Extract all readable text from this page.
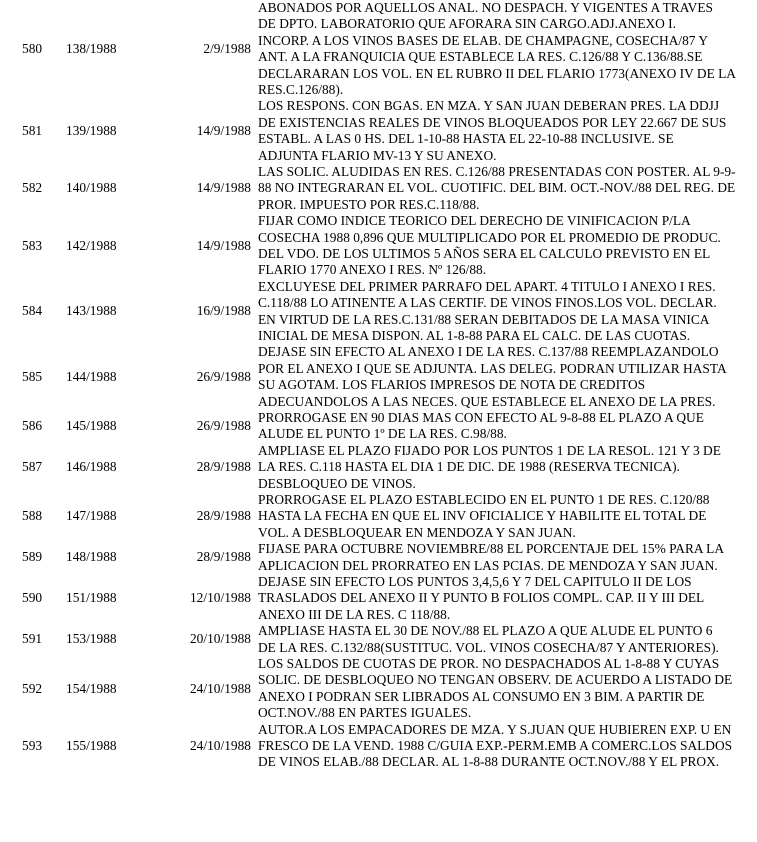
580 138/1988	2/9/1988
ABONADOS POR AQUELLOS ANAL. NO DESPACH. Y VIGENTES A TRAVES
DE DPTO. LABORATORIO QUE AFORARA SIN CARGO.ADJ.ANEXO I.
INCORP. A LOS VINOS BASES DE ELAB. DE CHAMPAGNE, COSECHA/87 Y
ANT. A LA FRANQUICIA QUE ESTABLECE LA RES. C.126/88 Y C.136/88.SE
DECLARARAN LOS VOL. EN EL RUBRO II DEL FLARIO 1773(ANEXO IV DE LA
RES.C.126/88).
581 139/1988	14/9/1988
LOS RESPONS. CON BGAS. EN MZA. Y SAN JUAN DEBERAN PRES. LA DDJJ
DE EXISTENCIAS REALES DE VINOS BLOQUEADOS POR LEY 22.667 DE SUS
ESTABL. A LAS 0 HS. DEL 1-10-88 HASTA EL 22-10-88 INCLUSIVE. SE
ADJUNTA FLARIO MV-13 Y SU ANEXO.
582 140/1988	14/9/1988
LAS SOLIC. ALUDIDAS EN RES. C.126/88 PRESENTADAS CON POSTER. AL 9-9-
88 NO INTEGRARAN EL VOL. CUOTIFIC. DEL BIM. OCT.-NOV./88 DEL REG. DE
PROR. IMPUESTO POR RES.C.118/88.
583 142/1988	14/9/1988
FIJAR COMO INDICE TEORICO DEL DERECHO DE VINIFICACION P/LA
COSECHA 1988 0,896 QUE MULTIPLICADO POR EL PROMEDIO DE PRODUC.
DEL VDO. DE LOS ULTIMOS 5 AÑOS SERA EL CALCULO PREVISTO EN EL
FLARIO 1770 ANEXO I RES. Nº 126/88.
584 143/1988	16/9/1988
EXCLUYESE DEL PRIMER PARRAFO DEL APART. 4 TITULO I ANEXO I RES.
C.118/88 LO ATINENTE A LAS CERTIF. DE VINOS FINOS.LOS VOL. DECLAR.
EN VIRTUD DE LA RES.C.131/88 SERAN DEBITADOS DE LA MASA VINICA
INICIAL DE MESA DISPON. AL 1-8-88 PARA EL CALC. DE LAS CUOTAS.
585 144/1988	26/9/1988
DEJASE SIN EFECTO AL ANEXO I DE LA RES. C.137/88 REEMPLAZANDOLO
POR EL ANEXO I QUE SE ADJUNTA. LAS DELEG. PODRAN UTILIZAR HASTA
SU AGOTAM. LOS FLARIOS IMPRESOS DE NOTA DE CREDITOS
ADECUANDOLOS A LAS NECES. QUE ESTABLECE EL ANEXO DE LA PRES.
586 145/1988	26/9/1988
PRORROGASE EN 90 DIAS MAS CON EFECTO AL 9-8-88 EL PLAZO A QUE
ALUDE EL PUNTO 1º DE LA RES. C.98/88.
587 146/1988	28/9/1988
AMPLIASE EL PLAZO FIJADO POR LOS PUNTOS 1 DE LA RESOL. 121 Y 3 DE
LA RES. C.118 HASTA EL DIA 1 DE DIC. DE 1988 (RESERVA TECNICA).
DESBLOQUEO DE VINOS.
588 147/1988	28/9/1988
PRORROGASE EL PLAZO ESTABLECIDO EN EL PUNTO 1 DE RES. C.120/88
HASTA LA FECHA EN QUE EL INV OFICIALICE Y HABILITE EL TOTAL DE
VOL. A DESBLOQUEAR EN MENDOZA Y SAN JUAN.
589 148/1988	28/9/1988
FIJASE PARA OCTUBRE NOVIEMBRE/88 EL PORCENTAJE DEL 15% PARA LA
APLICACION DEL PRORRATEO EN LAS PCIAS. DE MENDOZA Y SAN JUAN.
590 151/1988	12/10/1988
DEJASE SIN EFECTO LOS PUNTOS 3,4,5,6 Y 7 DEL CAPITULO II DE LOS
TRASLADOS DEL ANEXO II Y PUNTO B FOLIOS COMPL. CAP. II Y III DEL
ANEXO III DE LA RES. C 118/88.
591 153/1988	20/10/1988
AMPLIASE HASTA EL 30 DE NOV./88 EL PLAZO A QUE ALUDE EL PUNTO 6
DE LA RES. C.132/88(SUSTITUC. VOL. VINOS COSECHA/87 Y ANTERIORES).
592 154/1988	24/10/1988
LOS SALDOS DE CUOTAS DE PROR. NO DESPACHADOS AL 1-8-88 Y CUYAS
SOLIC. DE DESBLOQUEO NO TENGAN OBSERV. DE ACUERDO A LISTADO DE
ANEXO I PODRAN SER LIBRADOS AL CONSUMO EN 3 BIM. A PARTIR DE
OCT.NOV./88 EN PARTES IGUALES.
593 155/1988	24/10/1988
AUTOR.A LOS EMPACADORES DE MZA. Y S.JUAN QUE HUBIEREN EXP. U EN
FRESCO DE LA VEND. 1988 C/GUIA EXP.-PERM.EMB A COMERC.LOS SALDOS
DE VINOS ELAB./88 DECLAR. AL 1-8-88 DURANTE OCT.NOV./88 Y EL PROX.
